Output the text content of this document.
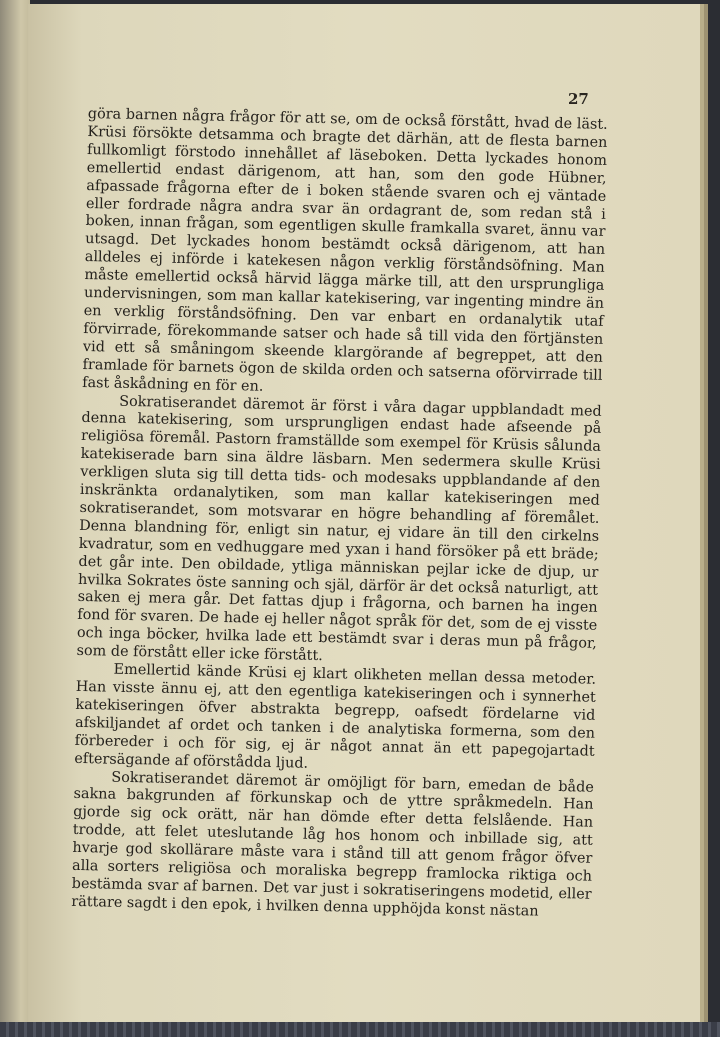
27

göra barnen några frågor för att se, om de också förstått, hvad de läst. Krüsi försökte detsamma och bragte det därhän, att de flesta barnen fullkomligt förstodo innehållet af läseboken. Detta lyckades honom emellertid endast därigenom, att han, som den gode Hübner, afpassade frågorna efter de i boken stående svaren och ej väntade eller fordrade några andra svar än ordagrant de, som redan stå i boken, innan frågan, som egentligen skulle framkalla svaret, ännu var utsagd. Det lyckades honom bestämdt också därigenom, att han alldeles ej införde i katekesen någon verklig förståndsöfning. Man måste emellertid också härvid lägga märke till, att den ursprungliga undervisningen, som man kallar katekisering, var ingenting mindre än en verklig förståndsöfning. Den var enbart en ordanalytik utaf förvirrade, förekommande satser och hade så till vida den förtjänsten vid ett så småningom skeende klargörande af begreppet, att den framlade för barnets ögon de skilda orden och satserna oförvirrade till fast åskådning en för en.

Sokratiserandet däremot är först i våra dagar uppblandadt med denna katekisering, som ursprungligen endast hade afseende på religiösa föremål. Pastorn framställde som exempel för Krüsis sålunda katekiserade barn sina äldre läsbarn. Men sedermera skulle Krüsi verkligen sluta sig till detta tids- och modesaks uppblandande af den inskränkta ordanalytiken, som man kallar katekiseringen med sokratiserandet, som motsvarar en högre behandling af föremålet. Denna blandning för, enligt sin natur, ej vidare än till den cirkelns kvadratur, som en vedhuggare med yxan i hand försöker på ett bräde; det går inte. Den obildade, ytliga människan pejlar icke de djup, ur hvilka Sokrates öste sanning och själ, därför är det också naturligt, att saken ej mera går. Det fattas djup i frågorna, och barnen ha ingen fond för svaren. De hade ej heller något språk för det, som de ej visste och inga böcker, hvilka lade ett bestämdt svar i deras mun på frågor, som de förstått eller icke förstått.

Emellertid kände Krüsi ej klart olikheten mellan dessa metoder. Han visste ännu ej, att den egentliga katekiseringen och i synnerhet katekiseringen öfver abstrakta begrepp, oafsedt fördelarne vid afskiljandet af ordet och tanken i de analytiska formerna, som den förbereder i och för sig, ej är något annat än ett papegojartadt eftersägande af oförstådda ljud.

Sokratiserandet däremot är omöjligt för barn, emedan de både sakna bakgrunden af förkunskap och de yttre språkmedeln. Han gjorde sig ock orätt, när han dömde efter detta felslående. Han trodde, att felet uteslutande låg hos honom och inbillade sig, att hvarje god skollärare måste vara i stånd till att genom frågor öfver alla sorters religiösa och moraliska begrepp framlocka riktiga och bestämda svar af barnen. Det var just i sokratiseringens modetid, eller rättare sagdt i den epok, i hvilken denna upphöjda konst nästan
